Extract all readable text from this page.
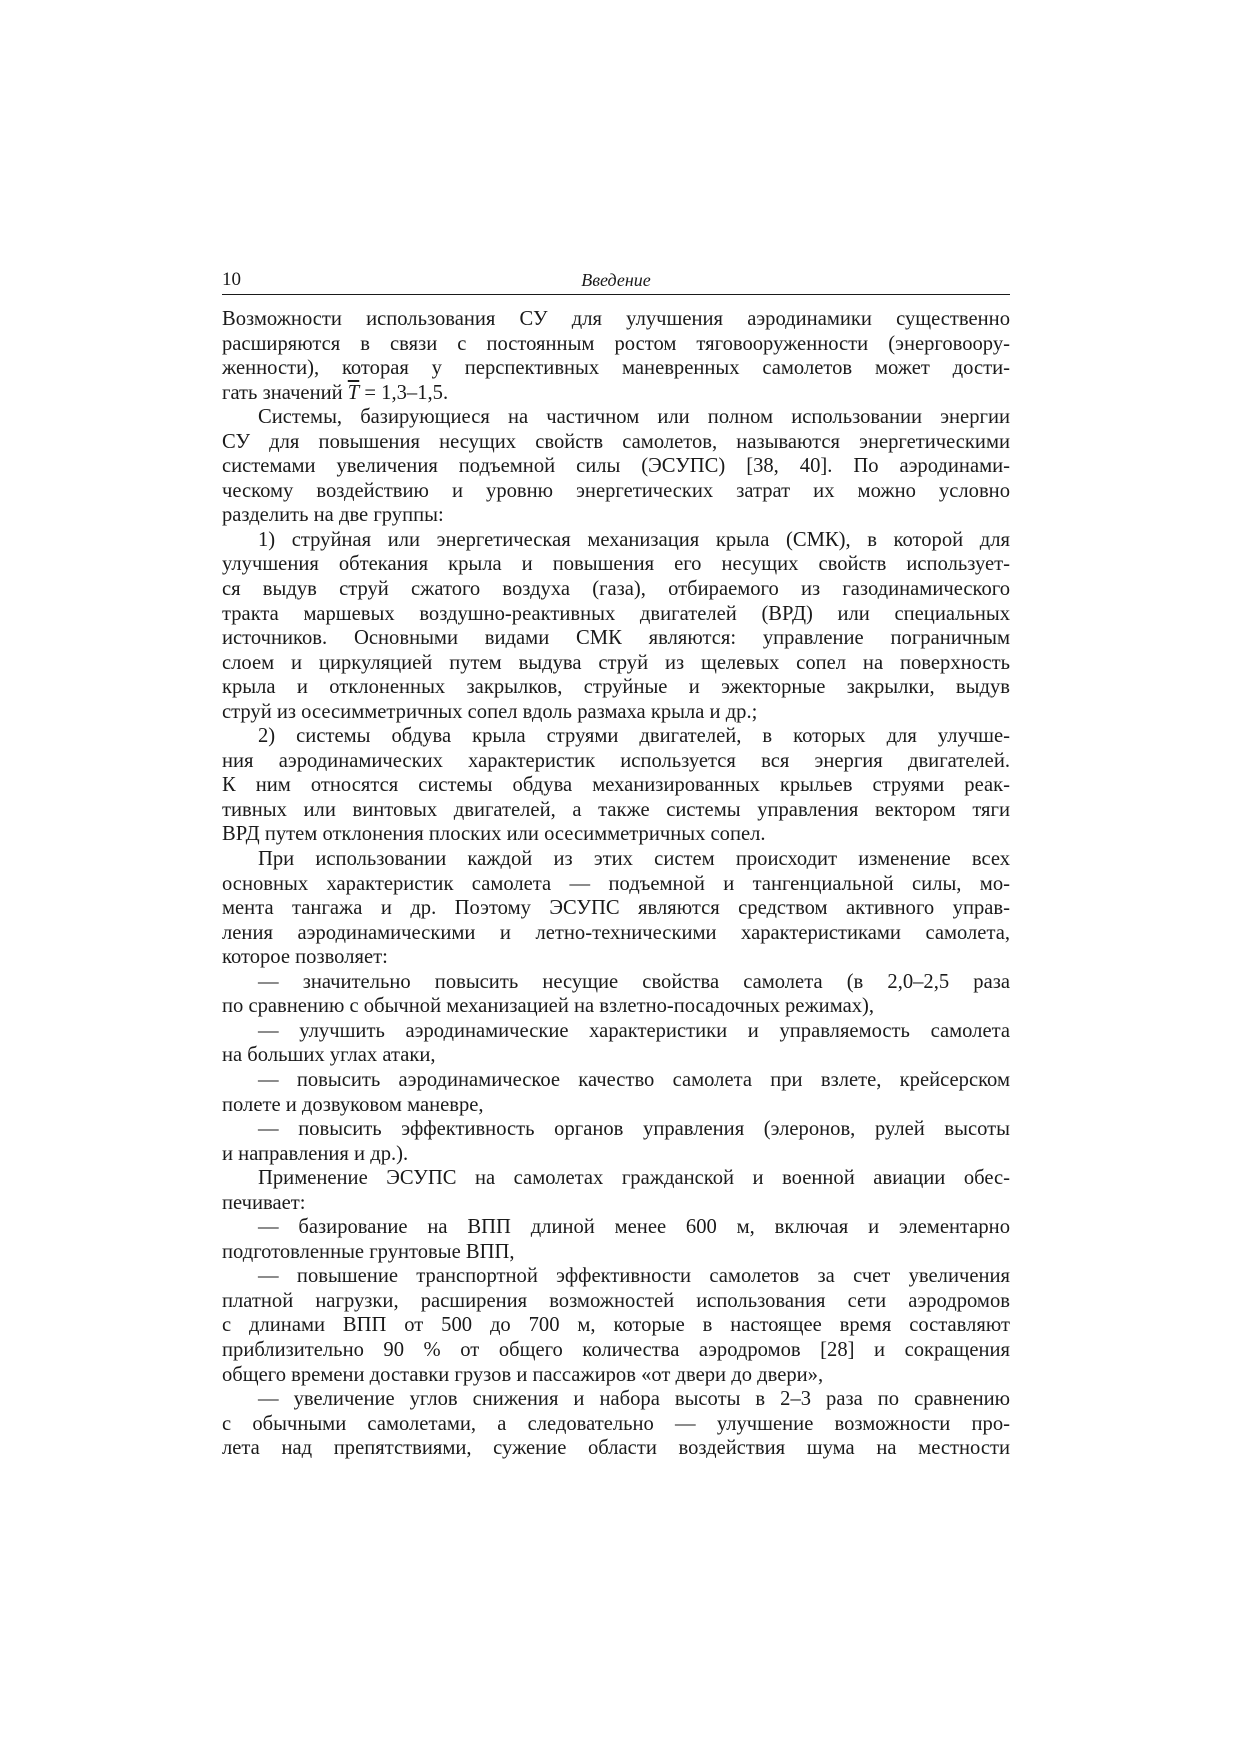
10	Введение
Возможности использования СУ для улучшения аэродинамики существенно
расширяются в связи с постоянным ростом тяговооруженности (энерговоору-
женности), которая у перспективных маневренных самолетов может дости-
гать значений $\overline{T} = 1,3-1,5$.
Системы, базирующиеся на частичном или полном использовании энергии
СУ для повышения несущих свойств самолетов, называются энергетическими
системами увеличения подъемной силы (ЭСУПС) [38, 40]. По аэродинами-
ческому воздействию и уровню энергетических затрат их можно условно
разделить на две группы:
1) струйная или энергетическая механизация крыла (СМК), в которой для
улучшения обтекания крыла и повышения его несущих свойств использует-
ся выдув струй сжатого воздуха (газа), отбираемого из газодинамического
тракта маршевых воздушно-реактивных двигателей (ВРД) или специальных
источников. Основными видами СМК являются: управление пограничным
слоем и циркуляцией путем выдува струй из щелевых сопел на поверхность
крыла и отклоненных закрылков, струйные и эжекторные закрылки, выдув
струй из осесимметричных сопел вдоль размаха крыла и др.;
2) системы обдува крыла струями двигателей, в которых для улучше-
ния аэродинамических характеристик используется вся энергия двигателей.
К ним относятся системы обдува механизированных крыльев струями реак-
тивных или винтовых двигателей, а также системы управления вектором тяги
ВРД путем отклонения плоских или осесимметричных сопел.
При использовании каждой из этих систем происходит изменение всех
основных характеристик самолета — подъемной и тангенциальной силы, мо-
мента тангажа и др. Поэтому ЭСУПС являются средством активного управ-
ления аэродинамическими и летно-техническими характеристиками самолета,
которое позволяет:
— значительно повысить несущие свойства самолета (в 2,0–2,5 раза
по сравнению с обычной механизацией на взлетно-посадочных режимах),
— улучшить аэродинамические характеристики и управляемость самолета
на больших углах атаки,
— повысить аэродинамическое качество самолета при взлете, крейсерском
полете и дозвуковом маневре,
— повысить эффективность органов управления (элеронов, рулей высоты
и направления и др.).
Применение ЭСУПС на самолетах гражданской и военной авиации обес-
печивает:
— базирование на ВПП длиной менее 600 м, включая и элементарно
подготовленные грунтовые ВПП,
— повышение транспортной эффективности самолетов за счет увеличения
платной нагрузки, расширения возможностей использования сети аэродромов
с длинами ВПП от 500 до 700 м, которые в настоящее время составляют
приблизительно 90 % от общего количества аэродромов [28] и сокращения
общего времени доставки грузов и пассажиров «от двери до двери»,
— увеличение углов снижения и набора высоты в 2–3 раза по сравнению
с обычными самолетами, а следовательно — улучшение возможности про-
лета над препятствиями, сужение области воздействия шума на местности
